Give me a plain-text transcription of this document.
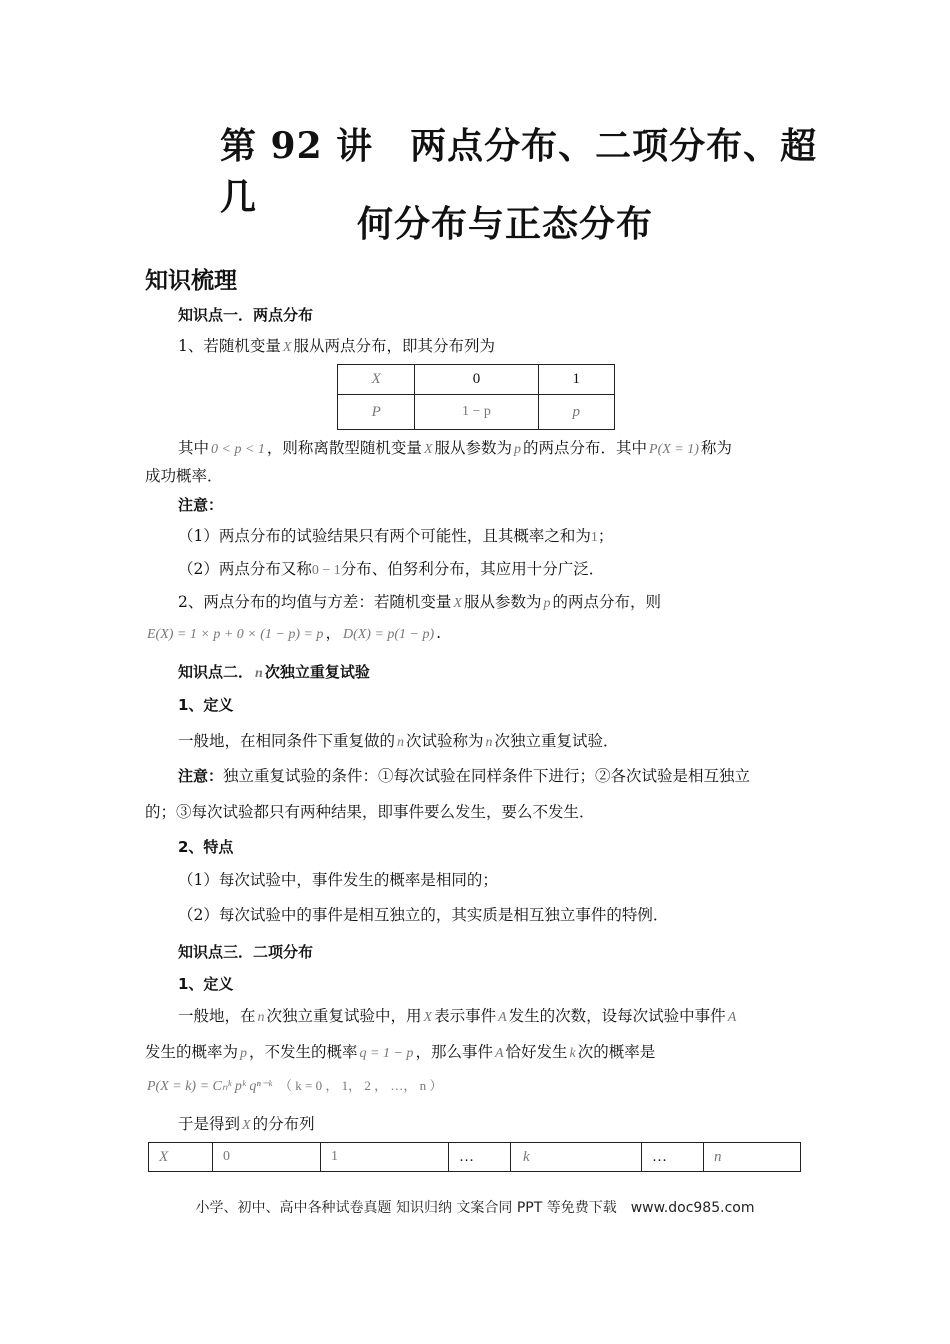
第 92 讲　两点分布、二项分布、超几
何分布与正态分布
知识梳理
知识点一．两点分布
1、若随机变量 X 服从两点分布，即其分布列为
X	0	1
P	1 − p	p
其中 0 < p < 1 ，则称离散型随机变量 X 服从参数为 p 的两点分布．其中 P(X = 1) 称为
成功概率．
注意：
（1）两点分布的试验结果只有两个可能性，且其概率之和为1；
（2）两点分布又称0 − 1分布、伯努利分布，其应用十分广泛．
2、两点分布的均值与方差：若随机变量 X 服从参数为 p 的两点分布，则
E(X) = 1 × p + 0 × (1 − p) = p ， D(X) = p(1 − p) .
知识点二． n 次独立重复试验
1、定义
一般地，在相同条件下重复做的 n 次试验称为 n 次独立重复试验．
注意：独立重复试验的条件：①每次试验在同样条件下进行；②各次试验是相互独立
的；③每次试验都只有两种结果，即事件要么发生，要么不发生．
2、特点
（1）每次试验中，事件发生的概率是相同的；
（2）每次试验中的事件是相互独立的，其实质是相互独立事件的特例．
知识点三．二项分布
1、定义
一般地，在 n 次独立重复试验中，用 X 表示事件 A 发生的次数，设每次试验中事件 A
发生的概率为 p ，不发生的概率 q = 1 − p ，那么事件 A 恰好发生 k 次的概率是
P(X = k) = Cₙᵏ pᵏ qⁿ⁻ᵏ （ k = 0 ， 1， 2 ， …， n ）
于是得到 X 的分布列
X	0	1	…	k	…	n
小学、初中、高中各种试卷真题 知识归纳 文案合同 PPT 等免费下载　www.doc985.com
